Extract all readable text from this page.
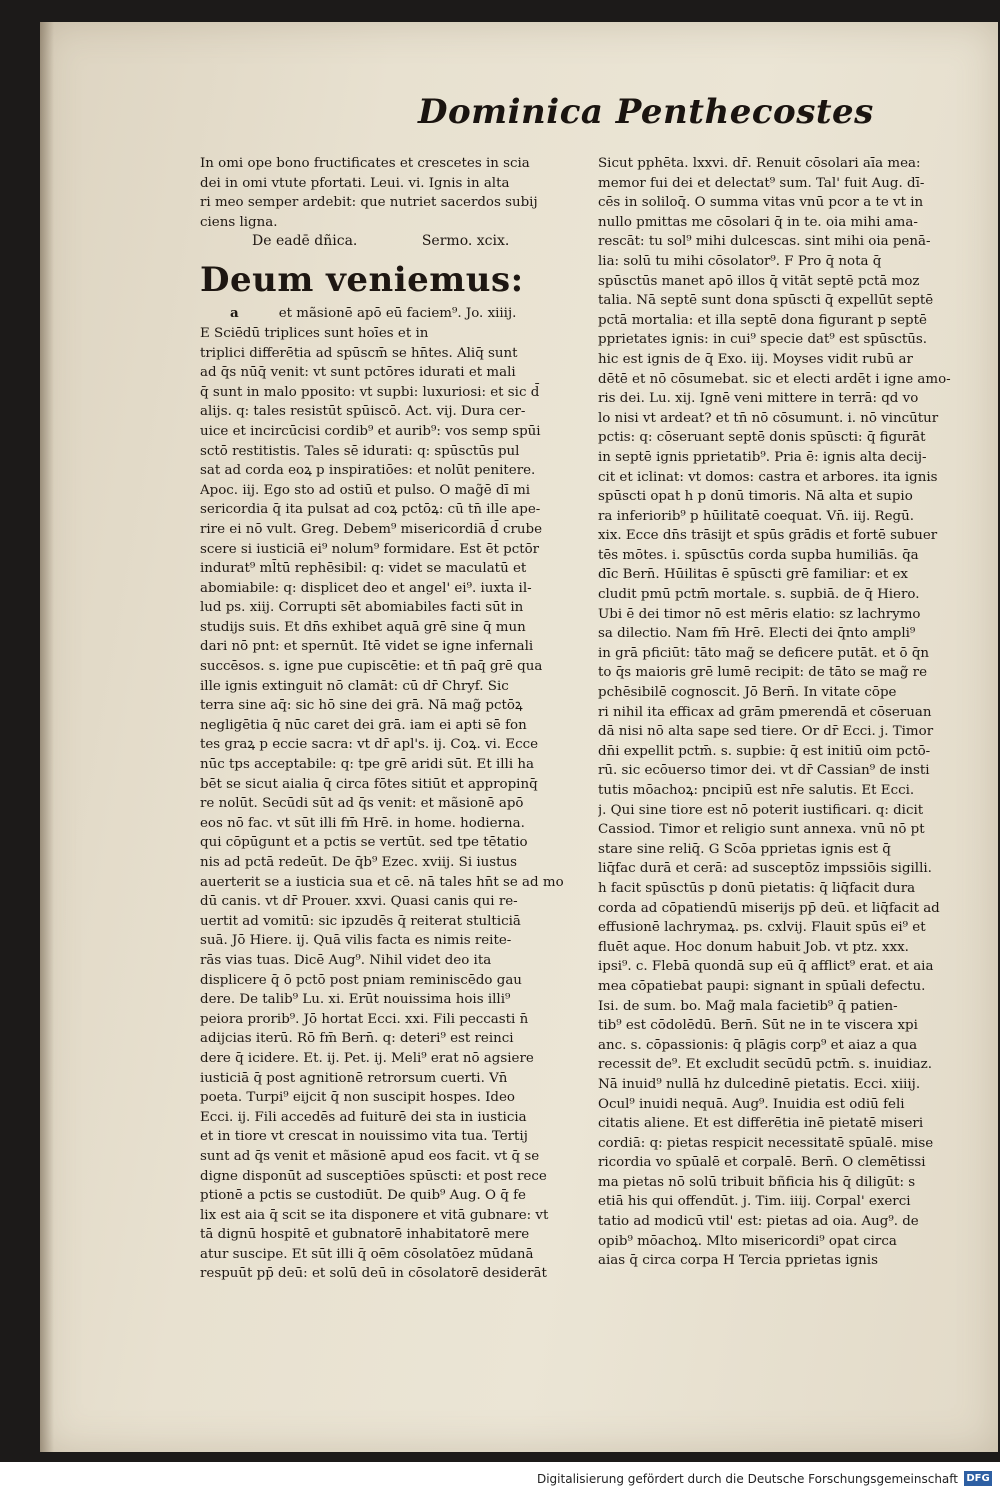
Dominica Penthecostes
In omi ope bono fructificates et crescetes in scia
dei in omi vtute pfortati. Leui. vi. Ignis in alta
ri meo semper ardebit: que nutriet sacerdos subij
ciens ligna.
De eadē dñica.	Sermo. xcix.
Deum veniemus:
a	et mãsionē apō eū faciem⁹. Jo. xiiij.
E Sciēdū triplices sunt hoīes et in
triplici differētia ad spūscm̄ se hn̄tes. Aliq̄ sunt
ad q̄s nūq̄ venit: vt sunt pctōres idurati et mali
q̄ sunt in malo pposito: vt supbi: luxuriosi: et sic d̄
alijs. q: tales resistūt spūiscō. Act. vij. Dura cer-
uice et incircūcisi cordib⁹ et aurib⁹: vos semp spūi
sctō restitistis. Tales sē idurati: q: spūsctūs pul
sat ad corda eoꝝ p inspiratiōes: et nolūt penitere.
Apoc. iij. Ego sto ad ostiū et pulso. O mag̃ē dī mi
sericordia q̄ ita pulsat ad coꝝ pctōꝝ: cū tn̄ ille ape-
rire ei nō vult. Greg. Debem⁹ misericordiā d̄ crube
scere si iusticiā ei⁹ nolum⁹ formidare. Est ēt pctōr
indurat⁹ ml̄tū rephēsibil: q: videt se maculatū et
abomiabile: q: displicet deo et angel' ei⁹. iuxta il-
lud ps. xiij. Corrupti sēt abomiabiles facti sūt in
studijs suis. Et dn̄s exhibet aquā grē sine q̄ mun
dari nō pnt: et spernūt. Itē videt se igne infernali
succēsos. s. igne pue cupiscētie: et tn̄ paq̄ grē qua
ille ignis extinguit nō clamāt: cū dr̄ Chryf. Sic
terra sine aq̄: sic hō sine dei grā. Nā mag̃ pctōꝝ
negligētia q̄ nūc caret dei grā. iam ei apti sē fon
tes graꝝ p eccie sacra: vt dr̄ apl's. ij. Coꝝ. vi. Ecce
nūc tps acceptabile: q: tpe grē aridi sūt. Et illi ha
bēt se sicut aialia q̄ circa fōtes sitiūt et appropinq̄
re nolūt. Secūdi sūt ad q̄s venit: et mãsionē apō
eos nō fac. vt sūt illi fm̄ Hrē. in home. hodierna.
qui cōpūgunt et a pctis se vertūt. sed tpe tētatio
nis ad pctā redeūt. De q̄b⁹ Ezec. xviij. Si iustus
auerterit se a iusticia sua et cē. nā tales hn̄t se ad mo
dū canis. vt dr̄ Prouer. xxvi. Quasi canis qui re-
uertit ad vomitū: sic ipzudēs q̄ reiterat stulticiā
suā. Jō Hiere. ij. Quā vilis facta es nimis reite-
rās vias tuas. Dicē Aug⁹. Nihil videt deo ita
displicere q̄ ō pctō post pniam reminiscēdo gau
dere. De talib⁹ Lu. xi. Erūt nouissima hois illi⁹
peiora prorib⁹. Jō hortat Ecci. xxi. Fili peccasti n̄
adijcias iterū. Rō fm̄ Bern̄. q: deteri⁹ est reinci
dere q̄ icidere. Et. ij. Pet. ij. Meli⁹ erat nō agsiere
iusticiā q̄ post agnitionē retrorsum cuerti. Vn̄
poeta. Turpi⁹ eijcit q̄ non suscipit hospes. Ideo
Ecci. ij. Fili accedēs ad fuiturē dei sta in iusticia
et in tiore vt crescat in nouissimo vita tua. Tertij
sunt ad q̄s venit et mãsionē apud eos facit. vt q̄ se
digne disponūt ad susceptiōes spūscti: et post rece
ptionē a pctis se custodiūt. De quib⁹ Aug. O q̄ fe
lix est aia q̄ scit se ita disponere et vitā gubnare: vt
tā dignū hospitē et gubnatorē inhabitatorē mere
atur suscipe. Et sūt illi q̄ oēm cōsolatōez mūdanā
respuūt pp̄ deū: et solū deū in cōsolatorē desiderāt
Sicut pphēta. lxxvi. dr̄. Renuit cōsolari aīa mea:
memor fui dei et delectat⁹ sum. Tal' fuit Aug. dī-
cēs in soliloq̄. O summa vitas vnū pcor a te vt in
nullo pmittas me cōsolari q̄ in te. oia mihi ama-
rescāt: tu sol⁹ mihi dulcescas. sint mihi oia penā-
lia: solū tu mihi cōsolator⁹. F Pro q̄ nota q̄
spūsctūs manet apō illos q̄ vitāt septē pctā moz
talia. Nā septē sunt dona spūscti q̄ expellūt septē
pctā mortalia: et illa septē dona figurant p septē
pprietates ignis: in cui⁹ specie dat⁹ est spūsctūs.
hic est ignis de q̄ Exo. iij. Moyses vidit rubū ar
dētē et nō cōsumebat. sic et electi ardēt i igne amo-
ris dei. Lu. xij. Ignē veni mittere in terrā: qd vo
lo nisi vt ardeat? et tn̄ nō cōsumunt. i. nō vincūtur
pctis: q: cōseruant septē donis spūscti: q̄ figurāt
in septē ignis pprietatib⁹. Pria ē: ignis alta decij-
cit et iclinat: vt domos: castra et arbores. ita ignis
spūscti opat h p donū timoris. Nā alta et supio
ra inferiorib⁹ p hūilitatē coequat. Vn̄. iij. Regū.
xix. Ecce dn̄s trāsijt et spūs grādis et fortē subuer
tēs mōtes. i. spūsctūs corda supba humiliās. q̄a
dīc Bern̄. Hūilitas ē spūscti grē familiar: et ex
cludit pmū pctm̄ mortale. s. supbiā. de q̄ Hiero.
Ubi ē dei timor nō est mēris elatio: sz lachrymo
sa dilectio. Nam fm̄ Hrē. Electi dei q̄nto ampli⁹
in grā pficiūt: tāto mag̃ se deficere putāt. et ō q̄n
to q̄s maioris grē lumē recipit: de tāto se mag̃ re
pchēsibilē cognoscit. Jō Bern̄. In vitate cōpe
ri nihil ita efficax ad grām pmerendā et cōseruan
dā nisi nō alta sape sed tiere. Or dr̄ Ecci. j. Timor
dn̄i expellit pctm̄. s. supbie: q̄ est initiū oim pctō-
rū. sic ecōuerso timor dei. vt dr̄ Cassian⁹ de insti
tutis mōachoꝝ: pncipiū est nr̄e salutis. Et Ecci.
j. Qui sine tiore est nō poterit iustificari. q: dicit
Cassiod. Timor et religio sunt annexa. vnū nō pt
stare sine reliq̄. G Scōa pprietas ignis est q̄
liq̄fac durā et cerā: ad susceptōz impssiōis sigilli.
h facit spūsctūs p donū pietatis: q̄ liq̄facit dura
corda ad cōpatiendū miserijs pp̄ deū. et liq̄facit ad
effusionē lachrymaꝝ. ps. cxlvij. Flauit spūs ei⁹ et
fluēt aque. Hoc donum habuit Job. vt ptz. xxx.
ipsi⁹. c. Flebā quondā sup eū q̄ afflict⁹ erat. et aia
mea cōpatiebat paupi: signant in spūali defectu.
Isi. de sum. bo. Mag̃ mala facietib⁹ q̄ patien-
tib⁹ est cōdolēdū. Bern̄. Sūt ne in te viscera xpi
anc. s. cōpassionis: q̄ plāgis corp⁹ et aiaz a qua
recessit de⁹. Et excludit secūdū pctm̄. s. inuidiaz.
Nā inuid⁹ nullā hz dulcedinē pietatis. Ecci. xiiij.
Ocul⁹ inuidi nequā. Aug⁹. Inuidia est odiū feli
citatis aliene. Et est differētia inē pietatē miseri
cordiā: q: pietas respicit necessitatē spūalē. mise
ricordia vo spūalē et corpalē. Bern̄. O clemētissi
ma pietas nō solū tribuit bñficia his q̄ diligūt: s
etiā his qui offendūt. j. Tim. iiij. Corpal' exerci
tatio ad modicū vtil' est: pietas ad oia. Aug⁹. de
opib⁹ mōachoꝝ. Mlto misericordi⁹ opat circa
aias q̄ circa corpa H Tercia pprietas ignis
Digitalisierung gefördert durch die Deutsche Forschungsgemeinschaft DFG
